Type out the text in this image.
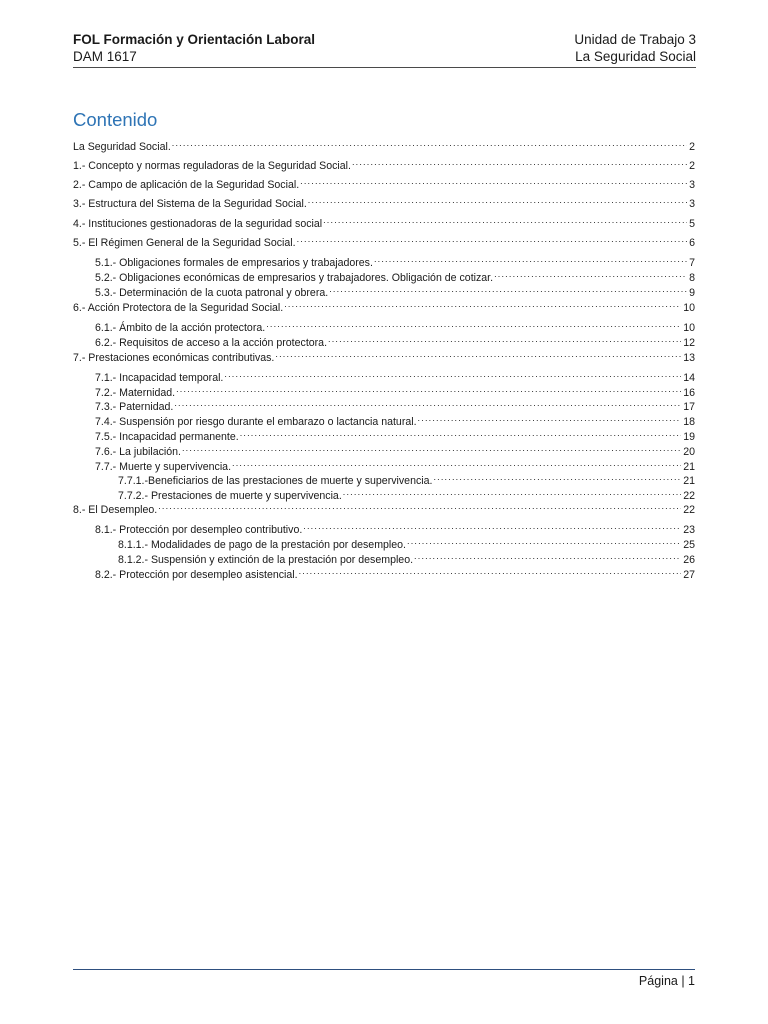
FOL Formación y Orientación Laboral
DAM 1617
Unidad de Trabajo 3
La Seguridad Social
Contenido
La Seguridad Social. .....	2
1.- Concepto y normas reguladoras de la Seguridad Social. .....	2
2.- Campo de aplicación de la Seguridad Social. .....	3
3.- Estructura del Sistema de la Seguridad Social. .....	3
4.- Instituciones gestionadoras de la seguridad social .....	5
5.- El Régimen General de la Seguridad Social. .....	6
5.1.- Obligaciones formales de empresarios y trabajadores. .....	7
5.2.- Obligaciones económicas de empresarios y trabajadores. Obligación de cotizar. .....	8
5.3.- Determinación de la cuota patronal y obrera. .....	9
6.- Acción Protectora de la Seguridad Social. .....	10
6.1.- Ámbito de la acción protectora. .....	10
6.2.- Requisitos de acceso a la acción protectora. .....	12
7.- Prestaciones económicas contributivas. .....	13
7.1.- Incapacidad temporal. .....	14
7.2.- Maternidad. .....	16
7.3.- Paternidad. .....	17
7.4.- Suspensión por riesgo durante el embarazo o lactancia natural. .....	18
7.5.- Incapacidad permanente. .....	19
7.6.- La jubilación. .....	20
7.7.- Muerte y supervivencia. .....	21
7.7.1.-Beneficiarios de las prestaciones de muerte y supervivencia. .....	21
7.7.2.- Prestaciones de muerte y supervivencia. .....	22
8.- El Desempleo. .....	22
8.1.- Protección por desempleo contributivo. .....	23
8.1.1.- Modalidades de pago de la prestación por desempleo. .....	25
8.1.2.- Suspensión y extinción de la prestación por desempleo. .....	26
8.2.- Protección por desempleo asistencial. .....	27
Página | 1
